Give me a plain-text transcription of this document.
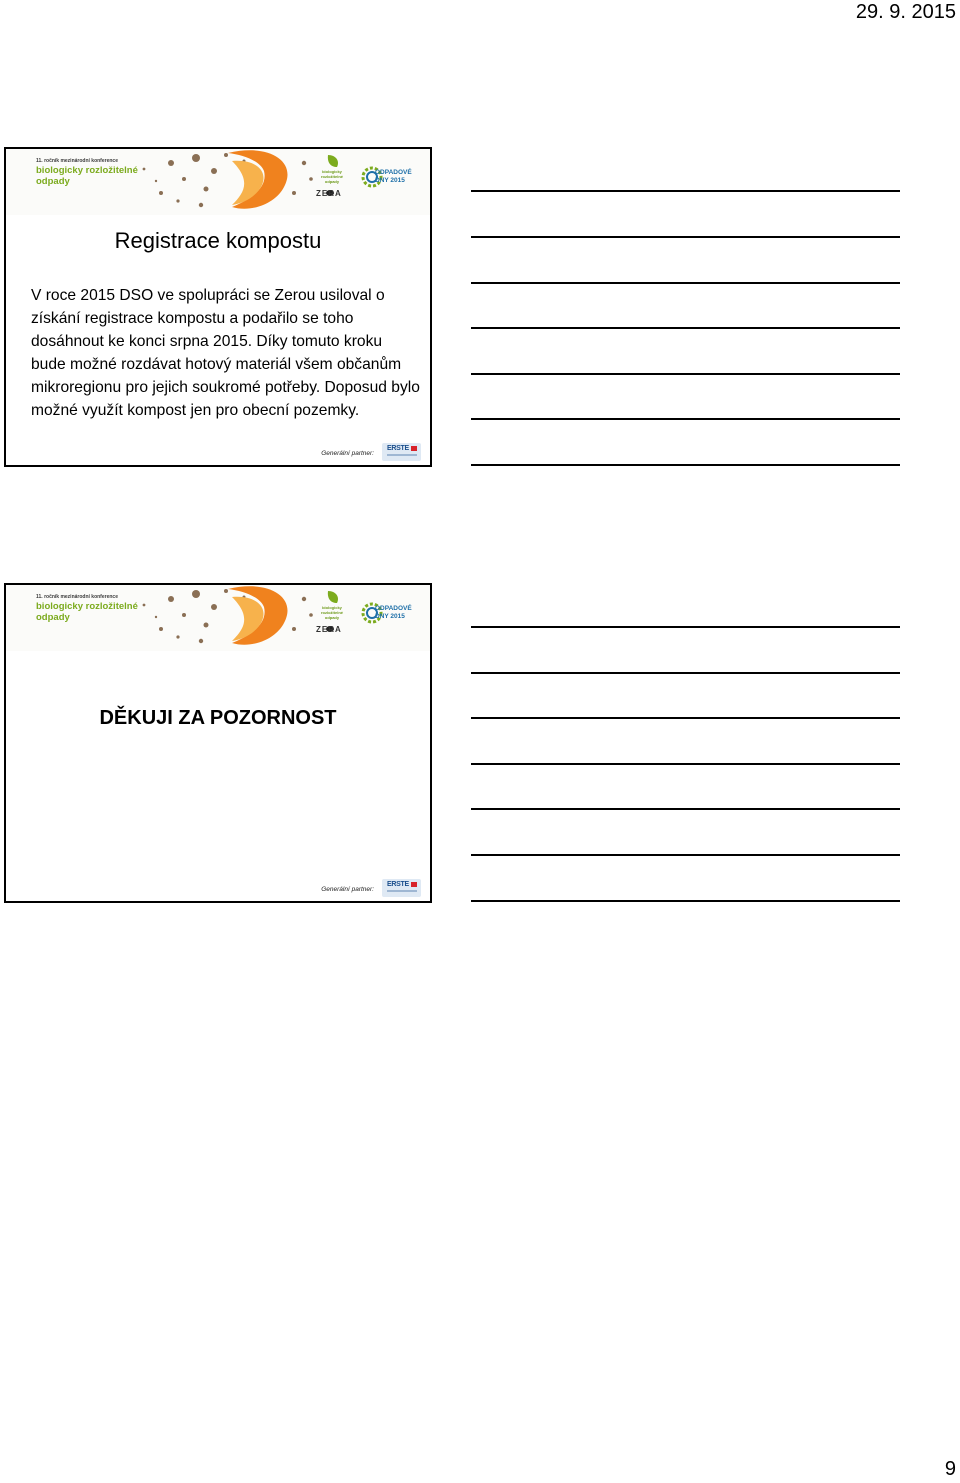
29. 9. 2015
11. ročník mezinárodní konference
biologicky rozložitelné odpady
biologicky rozložitelné odpady
ZERA
ODPADOVÉ DNY 2015
Registrace kompostu
V roce 2015 DSO ve spolupráci se Zerou usiloval o získání registrace kompostu a podařilo se toho dosáhnout ke konci srpna 2015. Díky tomuto kroku bude možné rozdávat hotový materiál všem občanům mikroregionu pro jejich soukromé potřeby. Doposud bylo možné využít kompost jen pro obecní pozemky.
Generální partner:
ERSTE
11. ročník mezinárodní konference
biologicky rozložitelné odpady
biologicky rozložitelné odpady
ZERA
ODPADOVÉ DNY 2015
DĚKUJI ZA POZORNOST
Generální partner:
ERSTE
9
